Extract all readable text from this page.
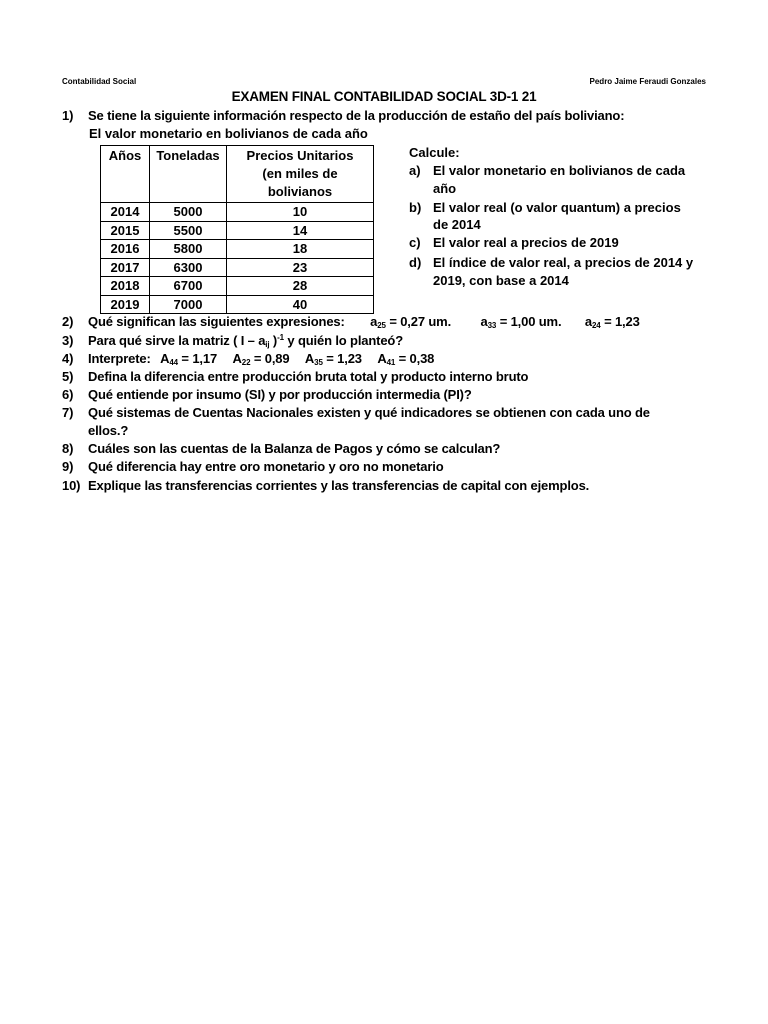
Contabilidad Social	Pedro Jaime Feraudi Gonzales
EXAMEN FINAL CONTABILIDAD SOCIAL 3D-1 21
1) Se tiene la siguiente información respecto de la producción de estaño del país boliviano:
El valor monetario en bolivianos de cada año
Años	Toneladas	Precios Unitarios
(en miles de
bolivianos

2014	5000	10
2015	5500	14
2016	5800	18
2017	6300	23
2018	6700	28
2019	7000	40
Calcule:
a) El valor monetario en bolivianos de cada
año
b) El valor real (o valor quantum) a precios
de 2014
c) El valor real a precios de 2019
d) El índice de valor real, a precios de 2014 y
2019, con base a 2014
2) Qué significan las siguientes expresiones: $a_{25} = 0,27$ um. $a_{33} = 1,00$ um. $a_{24} = 1,23$
3) Para qué sirve la matriz ( I – $a_{ij}$ )$^{-1}$ y quién lo planteó?
4) Interprete: $A_{44} = 1,17$ $A_{22} = 0,89$ $A_{35} = 1,23$ $A_{41} = 0,38$
5) Defina la diferencia entre producción bruta total y producto interno bruto
6) Qué entiende por insumo (SI) y por producción intermedia (PI)?
7) Qué sistemas de Cuentas Nacionales existen y qué indicadores se obtienen con cada uno de
ellos.?
8) Cuáles son las cuentas de la Balanza de Pagos y cómo se calculan?
9) Qué diferencia hay entre oro monetario y oro no monetario
10) Explique las transferencias corrientes y las transferencias de capital con ejemplos.
